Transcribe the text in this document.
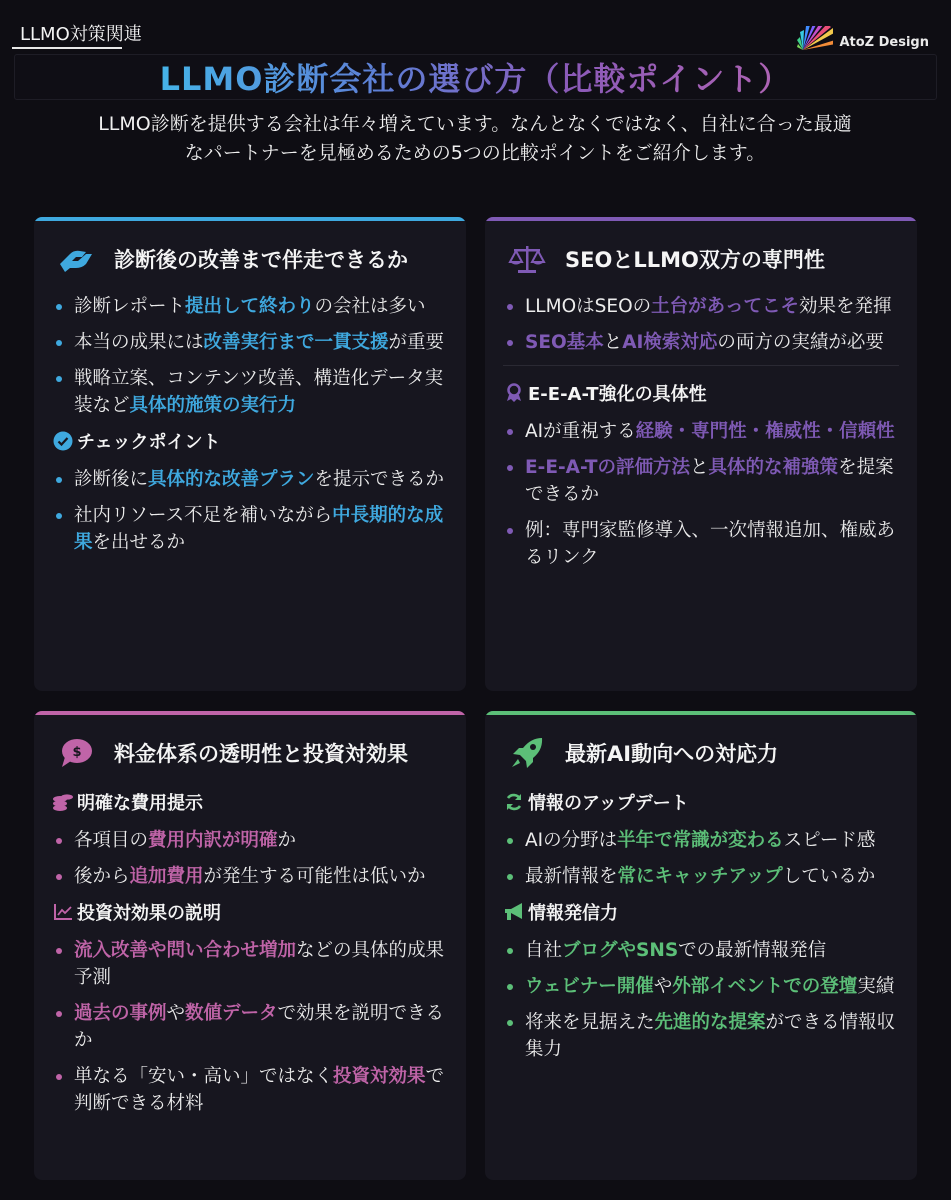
LLMO対策関連	AtoZ Design
LLMO診断会社の選び方（比較ポイント）

LLMO診断を提供する会社は年々増えています。なんとなくではなく、自社に合った最適なパートナーを見極めるための5つの比較ポイントをご紹介します。

診断後の改善まで伴走できるか
診断レポート提出して終わりの会社は多い
本当の成果には改善実行まで一貫支援が重要
戦略立案、コンテンツ改善、構造化データ実装など具体的施策の実行力
チェックポイント
診断後に具体的な改善プランを提示できるか
社内リソース不足を補いながら中長期的な成果を出せるか
SEOとLLMO双方の専門性
LLMOはSEOの土台があってこそ効果を発揮
SEO基本とAI検索対応の両方の実績が必要
E-E-A-T強化の具体性
AIが重視する経験・専門性・権威性・信頼性
E-E-A-Tの評価方法と具体的な補強策を提案できるか
例：専門家監修導入、一次情報追加、権威あるリンク
$ 料金体系の透明性と投資対効果
明確な費用提示
各項目の費用内訳が明確か
後から追加費用が発生する可能性は低いか
投資対効果の説明
流入改善や問い合わせ増加などの具体的成果予測
過去の事例や数値データで効果を説明できるか
単なる「安い・高い」ではなく投資対効果で判断できる材料
最新AI動向への対応力
情報のアップデート
AIの分野は半年で常識が変わるスピード感
最新情報を常にキャッチアップしているか
情報発信力
自社ブログやSNSでの最新情報発信
ウェビナー開催や外部イベントでの登壇実績
将来を見据えた先進的な提案ができる情報収集力
